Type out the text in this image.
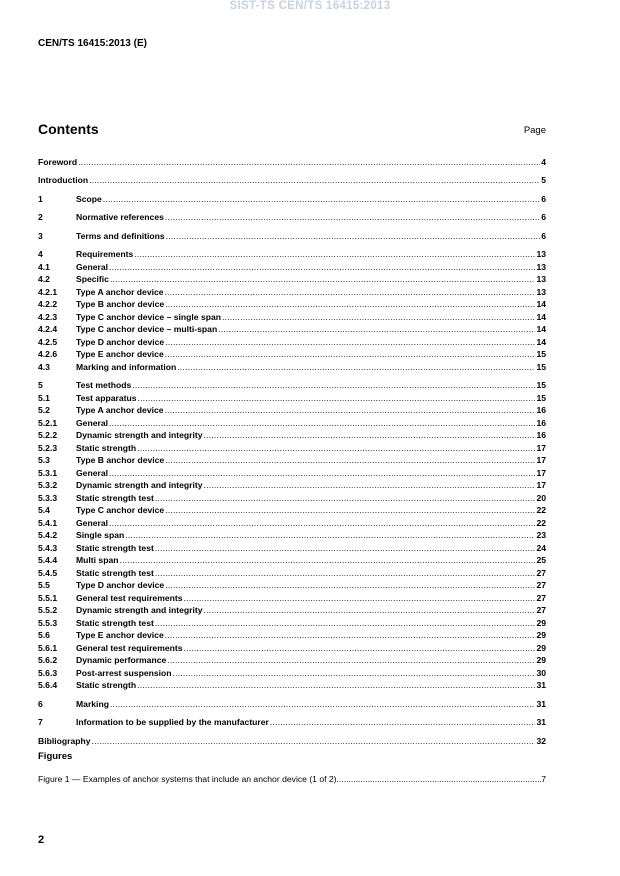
SIST-TS CEN/TS 16415:2013
CEN/TS 16415:2013 (E)
Contents	Page
Foreword .....	4
Introduction .....	5
1	Scope .....	6
2	Normative references .....	6
3	Terms and definitions .....	6
4	Requirements .....	13
4.1	General .....	13
4.2	Specific .....	13
4.2.1	Type A anchor device .....	13
4.2.2	Type B anchor device .....	14
4.2.3	Type C anchor device – single span .....	14
4.2.4	Type C anchor device – multi-span .....	14
4.2.5	Type D anchor device .....	14
4.2.6	Type E anchor device .....	15
4.3	Marking and information .....	15
5	Test methods .....	15
5.1	Test apparatus .....	15
5.2	Type A anchor device .....	16
5.2.1	General .....	16
5.2.2	Dynamic strength and integrity .....	16
5.2.3	Static strength .....	17
5.3	Type B anchor device .....	17
5.3.1	General .....	17
5.3.2	Dynamic strength and integrity .....	17
5.3.3	Static strength test .....	20
5.4	Type C anchor device .....	22
5.4.1	General .....	22
5.4.2	Single span .....	23
5.4.3	Static strength test .....	24
5.4.4	Multi span .....	25
5.4.5	Static strength test .....	27
5.5	Type D anchor device .....	27
5.5.1	General test requirements .....	27
5.5.2	Dynamic strength and integrity .....	27
5.5.3	Static strength test .....	29
5.6	Type E anchor device .....	29
5.6.1	General test requirements .....	29
5.6.2	Dynamic performance .....	29
5.6.3	Post-arrest suspension .....	30
5.6.4	Static strength .....	31
6	Marking .....	31
7	Information to be supplied by the manufacturer .....	31
Bibliography .....	32
Figures
Figure 1 — Examples of anchor systems that include an anchor device (1 of 2) .....	7
2
